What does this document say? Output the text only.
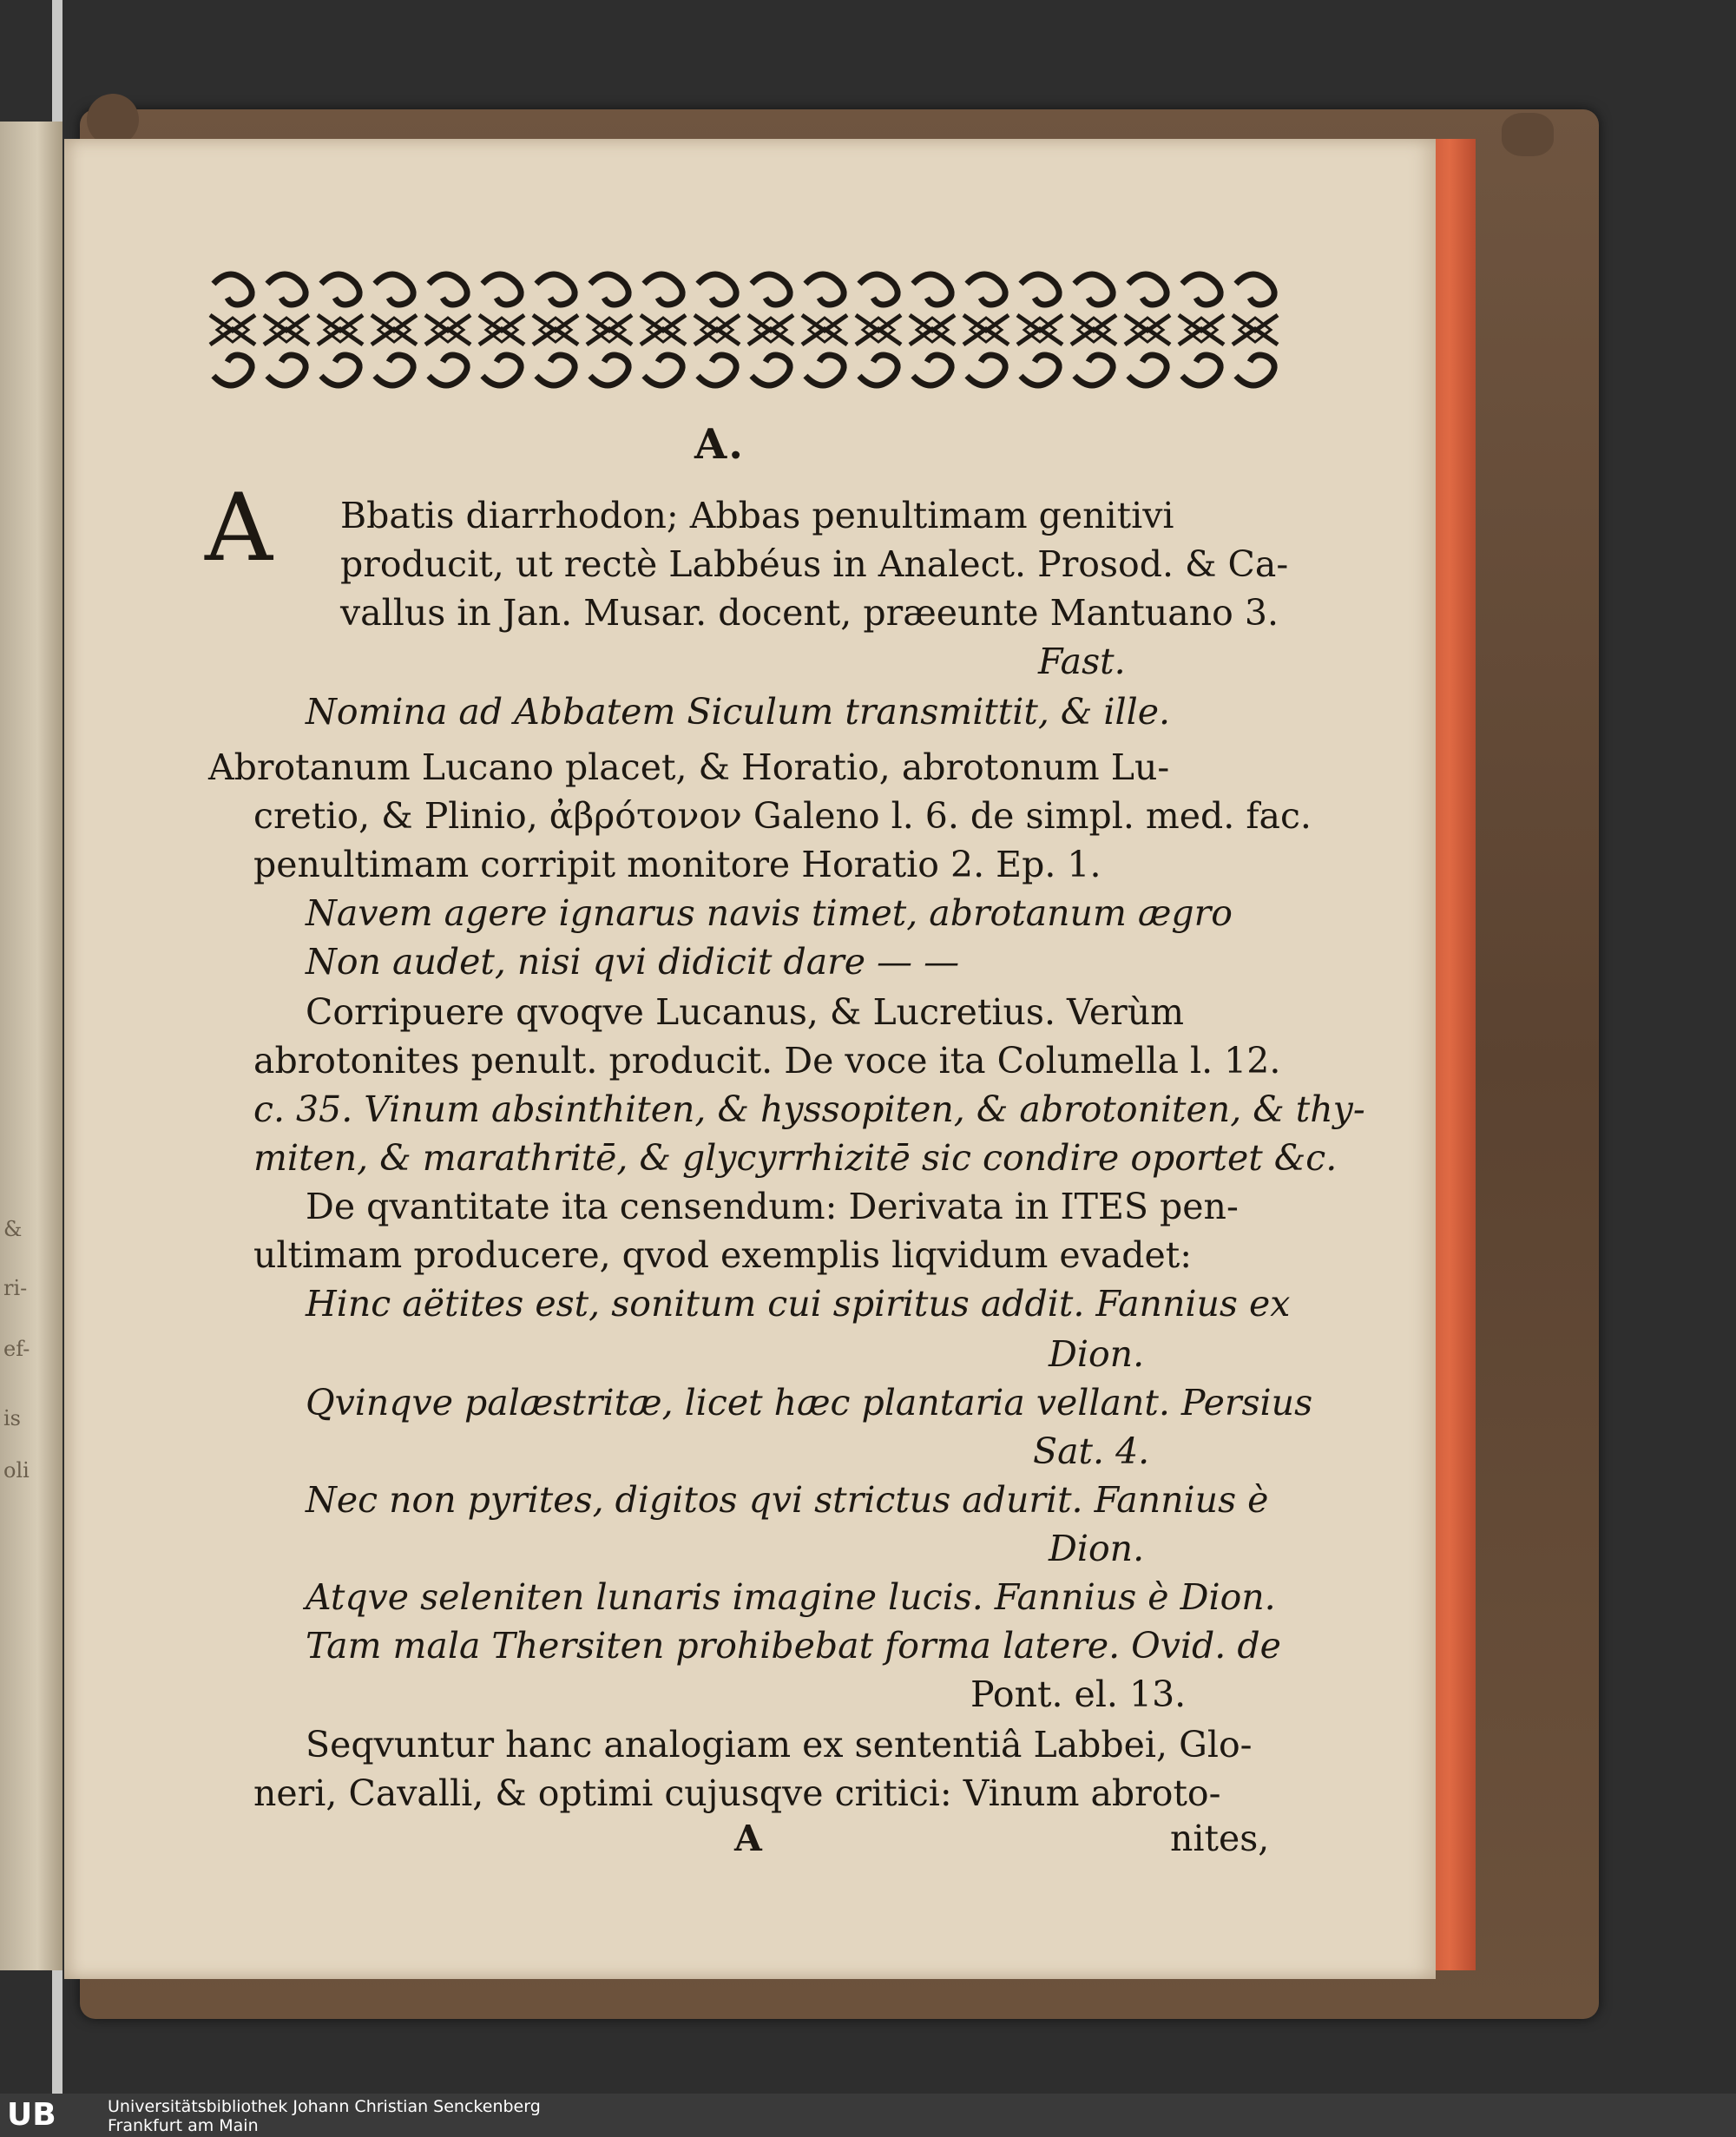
&
ri-
ef-
is
oli
A.
A Bbatis diarrhodon; Abbas penultimam genitivi
producit, ut rectè Labbéus in Analect. Prosod. & Ca-
vallus in Jan. Musar. docent, præeunte Mantuano 3.
Fast.
Nomina ad Abbatem Siculum transmittit, & ille.
Abrotanum Lucano placet, & Horatio, abrotonum Lu-
cretio, & Plinio, ἀβρότονον Galeno l. 6. de simpl. med. fac.
penultimam corripit monitore Horatio 2. Ep. 1.
Navem agere ignarus navis timet, abrotanum ægro
Non audet, nisi qvi didicit dare — —
Corripuere qvoqve Lucanus, & Lucretius. Verùm
abrotonites penult. producit. De voce ita Columella l. 12.
c. 35. Vinum absinthiten, & hyssopiten, & abrotoniten, & thy-
miten, & marathritē, & glycyrrhizitē sic condire oportet &c.
De qvantitate ita censendum: Derivata in ITES pen-
ultimam producere, qvod exemplis liqvidum evadet:
Hinc aëtites est, sonitum cui spiritus addit. Fannius ex
Dion.
Qvinqve palæstritæ, licet hæc plantaria vellant. Persius
Sat. 4.
Nec non pyrites, digitos qvi strictus adurit. Fannius è
Dion.
Atqve seleniten lunaris imagine lucis. Fannius è Dion.
Tam mala Thersiten prohibebat forma latere. Ovid. de
Pont. el. 13.
Seqvuntur hanc analogiam ex sententiâ Labbei, Glo-
neri, Cavalli, & optimi cujusqve critici: Vinum abroto-
A	nites,
UB	Universitätsbibliothek Johann Christian Senckenberg
Frankfurt am Main
